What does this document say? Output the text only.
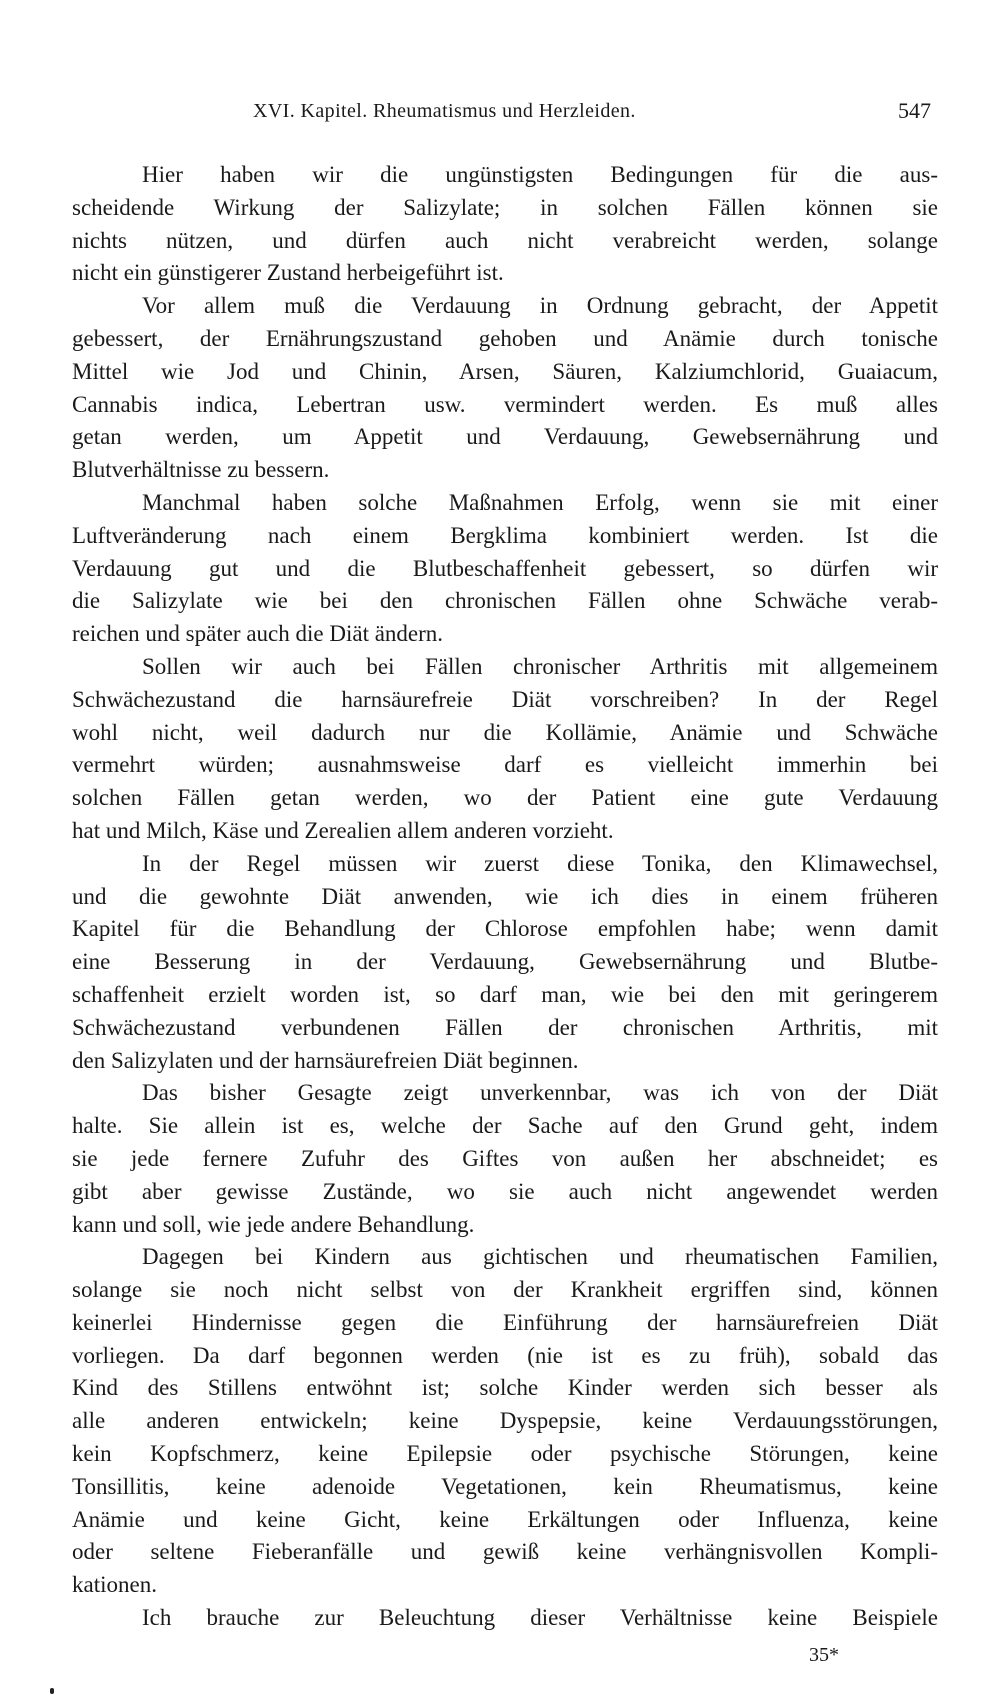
XVI. Kapitel. Rheumatismus und Herzleiden.	547

Hier haben wir die ungünstigsten Bedingungen für die aus-
scheidende Wirkung der Salizylate; in solchen Fällen können sie
nichts nützen, und dürfen auch nicht verabreicht werden, solange
nicht ein günstigerer Zustand herbeigeführt ist.

Vor allem muß die Verdauung in Ordnung gebracht, der Appetit
gebessert, der Ernährungszustand gehoben und Anämie durch tonische
Mittel wie Jod und Chinin, Arsen, Säuren, Kalziumchlorid, Guaiacum,
Cannabis indica, Lebertran usw. vermindert werden. Es muß alles
getan werden, um Appetit und Verdauung, Gewebsernährung und
Blutverhältnisse zu bessern.

Manchmal haben solche Maßnahmen Erfolg, wenn sie mit einer
Luftveränderung nach einem Bergklima kombiniert werden. Ist die
Verdauung gut und die Blutbeschaffenheit gebessert, so dürfen wir
die Salizylate wie bei den chronischen Fällen ohne Schwäche verab-
reichen und später auch die Diät ändern.

Sollen wir auch bei Fällen chronischer Arthritis mit allgemeinem
Schwächezustand die harnsäurefreie Diät vorschreiben? In der Regel
wohl nicht, weil dadurch nur die Kollämie, Anämie und Schwäche
vermehrt würden; ausnahmsweise darf es vielleicht immerhin bei
solchen Fällen getan werden, wo der Patient eine gute Verdauung
hat und Milch, Käse und Zerealien allem anderen vorzieht.

In der Regel müssen wir zuerst diese Tonika, den Klimawechsel,
und die gewohnte Diät anwenden, wie ich dies in einem früheren
Kapitel für die Behandlung der Chlorose empfohlen habe; wenn damit
eine Besserung in der Verdauung, Gewebsernährung und Blutbe-
schaffenheit erzielt worden ist, so darf man, wie bei den mit geringerem
Schwächezustand verbundenen Fällen der chronischen Arthritis, mit
den Salizylaten und der harnsäurefreien Diät beginnen.

Das bisher Gesagte zeigt unverkennbar, was ich von der Diät
halte. Sie allein ist es, welche der Sache auf den Grund geht, indem
sie jede fernere Zufuhr des Giftes von außen her abschneidet; es
gibt aber gewisse Zustände, wo sie auch nicht angewendet werden
kann und soll, wie jede andere Behandlung.

Dagegen bei Kindern aus gichtischen und rheumatischen Familien,
solange sie noch nicht selbst von der Krankheit ergriffen sind, können
keinerlei Hindernisse gegen die Einführung der harnsäurefreien Diät
vorliegen. Da darf begonnen werden (nie ist es zu früh), sobald das
Kind des Stillens entwöhnt ist; solche Kinder werden sich besser als
alle anderen entwickeln; keine Dyspepsie, keine Verdauungsstörungen,
kein Kopfschmerz, keine Epilepsie oder psychische Störungen, keine
Tonsillitis, keine adenoide Vegetationen, kein Rheumatismus, keine
Anämie und keine Gicht, keine Erkältungen oder Influenza, keine
oder seltene Fieberanfälle und gewiß keine verhängnisvollen Kompli-
kationen.

Ich brauche zur Beleuchtung dieser Verhältnisse keine Beispiele

35*
